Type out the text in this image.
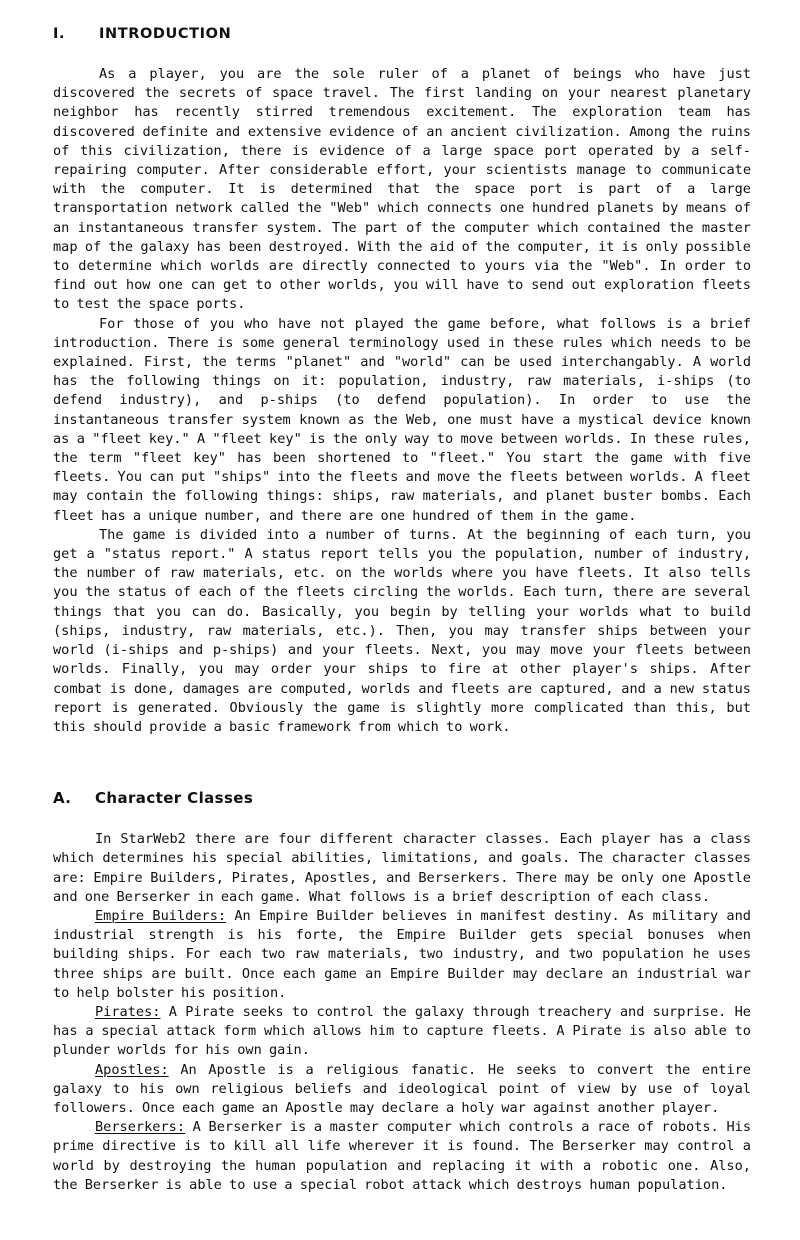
I.	INTRODUCTION

As a player, you are the sole ruler of a planet of beings who have just discovered the secrets of space travel. The first landing on your nearest planetary neighbor has recently stirred tremendous excitement. The exploration team has discovered definite and extensive evidence of an ancient civilization. Among the ruins of this civilization, there is evidence of a large space port operated by a self-repairing computer. After considerable effort, your scientists manage to communicate with the computer. It is determined that the space port is part of a large transportation network called the "Web" which connects one hundred planets by means of an instantaneous transfer system. The part of the computer which contained the master map of the galaxy has been destroyed. With the aid of the computer, it is only possible to determine which worlds are directly connected to yours via the "Web". In order to find out how one can get to other worlds, you will have to send out exploration fleets to test the space ports.

For those of you who have not played the game before, what follows is a brief introduction. There is some general terminology used in these rules which needs to be explained. First, the terms "planet" and "world" can be used interchangably. A world has the following things on it: population, industry, raw materials, i-ships (to defend industry), and p-ships (to defend population). In order to use the instantaneous transfer system known as the Web, one must have a mystical device known as a "fleet key." A "fleet key" is the only way to move between worlds. In these rules, the term "fleet key" has been shortened to "fleet." You start the game with five fleets. You can put "ships" into the fleets and move the fleets between worlds. A fleet may contain the following things: ships, raw materials, and planet buster bombs. Each fleet has a unique number, and there are one hundred of them in the game.

The game is divided into a number of turns. At the beginning of each turn, you get a "status report." A status report tells you the population, number of industry, the number of raw materials, etc. on the worlds where you have fleets. It also tells you the status of each of the fleets circling the worlds. Each turn, there are several things that you can do. Basically, you begin by telling your worlds what to build (ships, industry, raw materials, etc.). Then, you may transfer ships between your world (i-ships and p-ships) and your fleets. Next, you may move your fleets between worlds. Finally, you may order your ships to fire at other player's ships. After combat is done, damages are computed, worlds and fleets are captured, and a new status report is generated. Obviously the game is slightly more complicated than this, but this should provide a basic framework from which to work.

A.	Character Classes

In StarWeb2 there are four different character classes. Each player has a class which determines his special abilities, limitations, and goals. The character classes are: Empire Builders, Pirates, Apostles, and Berserkers. There may be only one Apostle and one Berserker in each game. What follows is a brief description of each class.

Empire Builders: An Empire Builder believes in manifest destiny. As military and industrial strength is his forte, the Empire Builder gets special bonuses when building ships. For each two raw materials, two industry, and two population he uses three ships are built. Once each game an Empire Builder may declare an industrial war to help bolster his position.

Pirates: A Pirate seeks to control the galaxy through treachery and surprise. He has a special attack form which allows him to capture fleets. A Pirate is also able to plunder worlds for his own gain.

Apostles: An Apostle is a religious fanatic. He seeks to convert the entire galaxy to his own religious beliefs and ideological point of view by use of loyal followers. Once each game an Apostle may declare a holy war against another player.

Berserkers: A Berserker is a master computer which controls a race of robots. His prime directive is to kill all life wherever it is found. The Berserker may control a world by destroying the human population and replacing it with a robotic one. Also, the Berserker is able to use a special robot attack which destroys human population.
